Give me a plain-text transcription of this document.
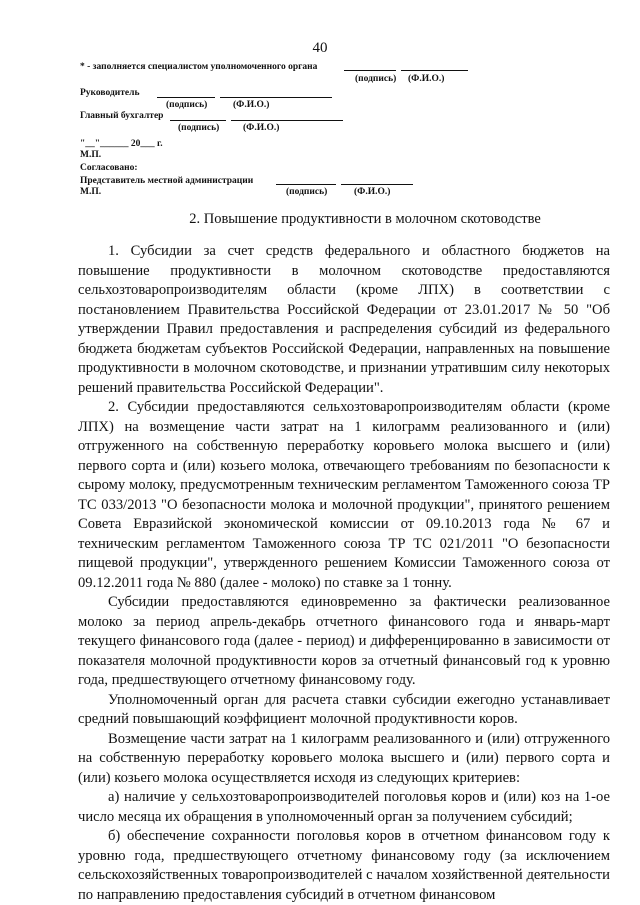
40
* - заполняется специалистом уполномоченного органа
(подпись) (Ф.И.О.)
Руководитель
(подпись)	(Ф.И.О.)
Главный бухгалтер
(подпись) (Ф.И.О.)
"__"______ 20___ г.
М.П.
Согласовано:
Представитель местной администрации
М.П.	(подпись)	(Ф.И.О.)
2. Повышение продуктивности в молочном скотоводстве

1. Субсидии за счет средств федерального и областного бюджетов на повышение продуктивности в молочном скотоводстве предоставляются сельхозтоваропроизводителям области (кроме ЛПХ) в соответствии с постановлением Правительства Российской Федерации от 23.01.2017 № 50 "Об утверждении Правил предоставления и распределения субсидий из федерального бюджета бюджетам субъектов Российской Федерации, направленных на повышение продуктивности в молочном скотоводстве, и признании утратившим силу некоторых решений правительства Российской Федерации".

2. Субсидии предоставляются сельхозтоваропроизводителям области (кроме ЛПХ) на возмещение части затрат на 1 килограмм реализованного и (или) отгруженного на собственную переработку коровьего молока высшего и (или) первого сорта и (или) козьего молока, отвечающего требованиям по безопасности к сырому молоку, предусмотренным техническим регламентом Таможенного союза ТР ТС 033/2013 "О безопасности молока и молочной продукции", принятого решением Совета Евразийской экономической комиссии от 09.10.2013 года № 67 и техническим регламентом Таможенного союза ТР ТС 021/2011 "О безопасности пищевой продукции", утвержденного решением Комиссии Таможенного союза от 09.12.2011 года № 880 (далее - молоко) по ставке за 1 тонну.

Субсидии предоставляются единовременно за фактически реализованное молоко за период апрель-декабрь отчетного финансового года и январь-март текущего финансового года (далее - период) и дифференцированно в зависимости от показателя молочной продуктивности коров за отчетный финансовый год к уровню года, предшествующего отчетному финансовому году.

Уполномоченный орган для расчета ставки субсидии ежегодно устанавливает средний повышающий коэффициент молочной продуктивности коров.

Возмещение части затрат на 1 килограмм реализованного и (или) отгруженного на собственную переработку коровьего молока высшего и (или) первого сорта и (или) козьего молока осуществляется исходя из следующих критериев:

а) наличие у сельхозтоваропроизводителей поголовья коров и (или) коз на 1-ое число месяца их обращения в уполномоченный орган за получением субсидий;

б) обеспечение сохранности поголовья коров в отчетном финансовом году к уровню года, предшествующего отчетному финансовому году (за исключением сельскохозяйственных товаропроизводителей с началом хозяйственной деятельности по направлению предоставления субсидий в отчетном финансовом
